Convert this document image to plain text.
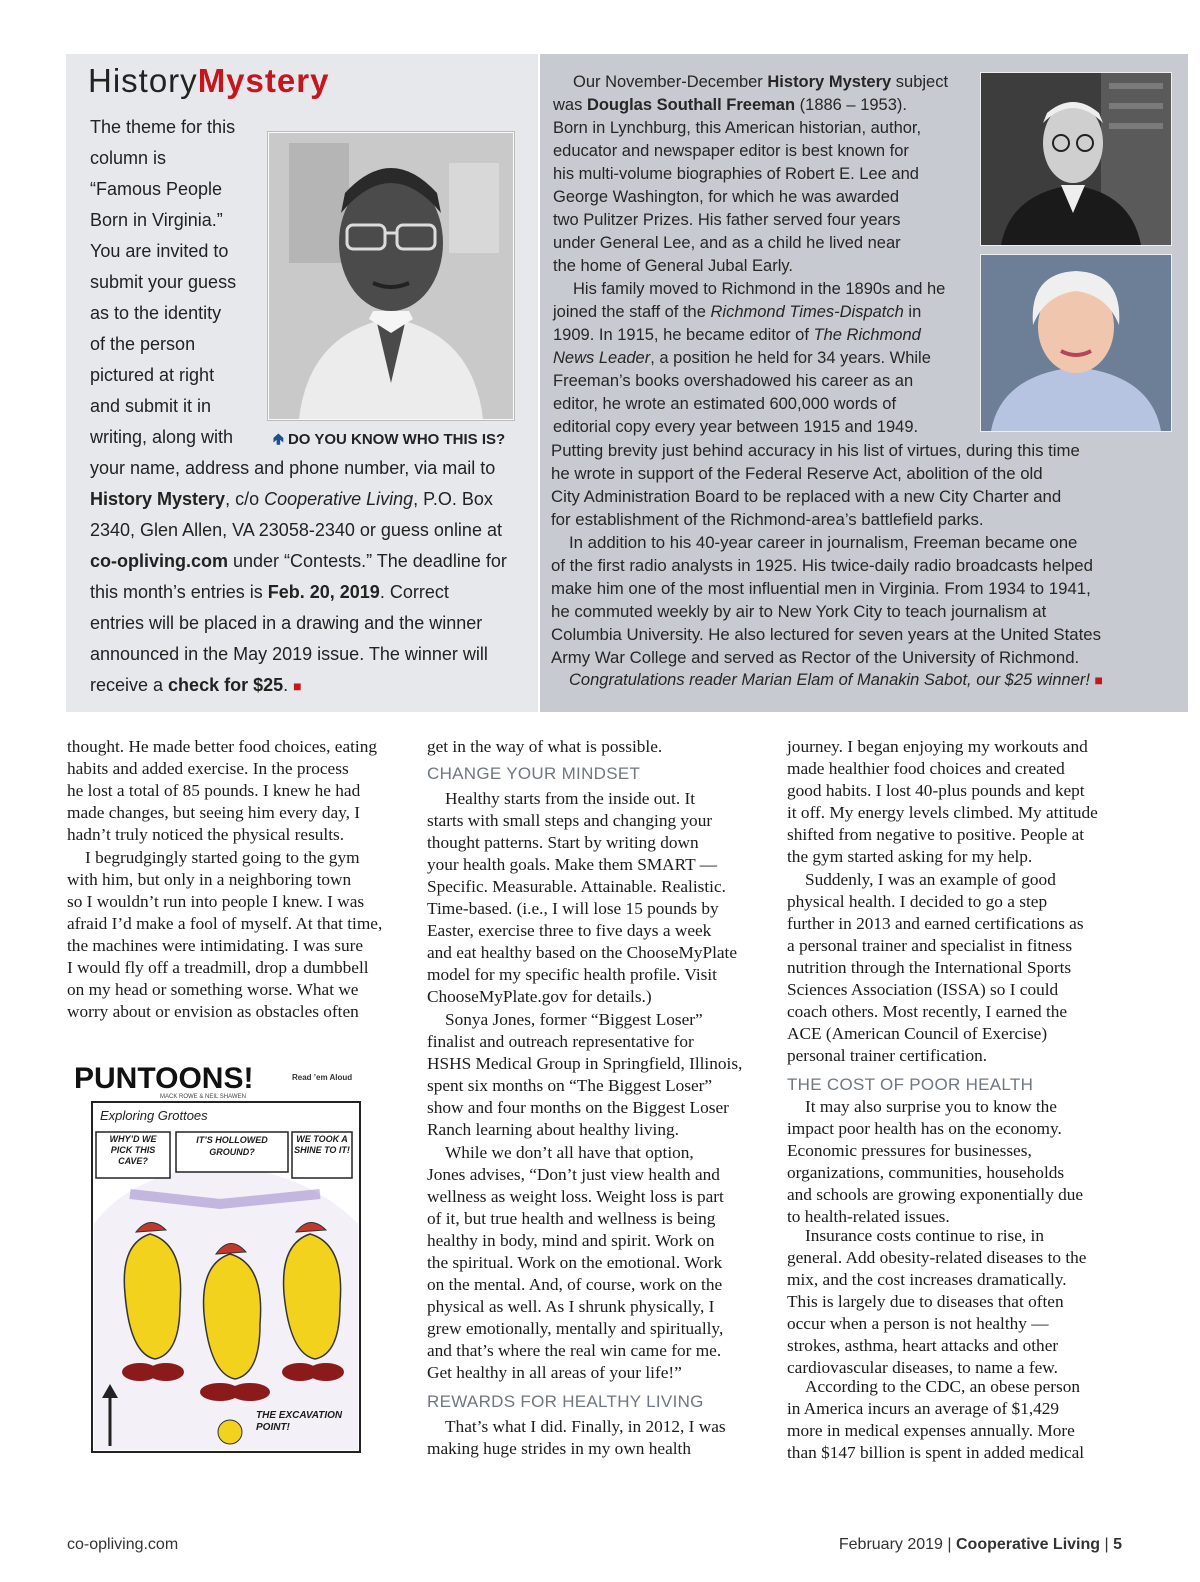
HistoryMystery

The theme for this

column is

“Famous People

Born in Virginia.”

You are invited to

submit your guess

as to the identity

of the person

pictured at right

and submit it in

writing, along with	🢁 DO YOU KNOW WHO THIS IS?

your name, address and phone number, via mail to

History Mystery, c/o Cooperative Living, P.O. Box

2340, Glen Allen, VA 23058-2340 or guess online at

co-opliving.com under “Contests.” The deadline for

this month’s entries is Feb. 20, 2019. Correct

entries will be placed in a drawing and the winner

announced in the May 2019 issue. The winner will

receive a check for $25. ■

Our November-December History Mystery subject

was Douglas Southall Freeman (1886 – 1953).

Born in Lynchburg, this American historian, author,

educator and newspaper editor is best known for

his multi-volume biographies of Robert E. Lee and

George Washington, for which he was awarded

two Pulitzer Prizes. His father served four years

under General Lee, and as a child he lived near

the home of General Jubal Early.

His family moved to Richmond in the 1890s and he

joined the staff of the Richmond Times-Dispatch in

1909. In 1915, he became editor of The Richmond

News Leader, a position he held for 34 years. While

Freeman’s books overshadowed his career as an

editor, he wrote an estimated 600,000 words of

editorial copy every year between 1915 and 1949.

Putting brevity just behind accuracy in his list of virtues, during this time

he wrote in support of the Federal Reserve Act, abolition of the old

City Administration Board to be replaced with a new City Charter and

for establishment of the Richmond-area’s battlefield parks.

In addition to his 40-year career in journalism, Freeman became one

of the first radio analysts in 1925. His twice-daily radio broadcasts helped

make him one of the most influential men in Virginia. From 1934 to 1941,

he commuted weekly by air to New York City to teach journalism at

Columbia University. He also lectured for seven years at the United States

Army War College and served as Rector of the University of Richmond.

Congratulations reader Marian Elam of Manakin Sabot, our $25 winner! ■

thought. He made better food choices, eating

habits and added exercise. In the process

he lost a total of 85 pounds. I knew he had

made changes, but seeing him every day, I

hadn’t truly noticed the physical results.

I begrudgingly started going to the gym

with him, but only in a neighboring town

so I wouldn’t run into people I knew. I was

afraid I’d make a fool of myself. At that time,

the machines were intimidating. I was sure

I would fly off a treadmill, drop a dumbbell

on my head or something worse. What we

worry about or envision as obstacles often

PUNTOONS!	Read ’em Aloud
MACK ROWE & NEIL SHAWEN
Exploring Grottoes
WHY’D WE PICK THIS CAVE?
IT’S HOLLOWED GROUND?
WE TOOK A SHINE TO IT!
THE EXCAVATION POINT!

get in the way of what is possible.

CHANGE YOUR MINDSET

Healthy starts from the inside out. It

starts with small steps and changing your

thought patterns. Start by writing down

your health goals. Make them SMART —

Specific. Measurable. Attainable. Realistic.

Time-based. (i.e., I will lose 15 pounds by

Easter, exercise three to five days a week

and eat healthy based on the ChooseMyPlate

model for my specific health profile. Visit

ChooseMyPlate.gov for details.)

Sonya Jones, former “Biggest Loser”

finalist and outreach representative for

HSHS Medical Group in Springfield, Illinois,

spent six months on “The Biggest Loser”

show and four months on the Biggest Loser

Ranch learning about healthy living.

While we don’t all have that option,

Jones advises, “Don’t just view health and

wellness as weight loss. Weight loss is part

of it, but true health and wellness is being

healthy in body, mind and spirit. Work on

the spiritual. Work on the emotional. Work

on the mental. And, of course, work on the

physical as well. As I shrunk physically, I

grew emotionally, mentally and spiritually,

and that’s where the real win came for me.

Get healthy in all areas of your life!”

REWARDS FOR HEALTHY LIVING

That’s what I did. Finally, in 2012, I was

making huge strides in my own health

journey. I began enjoying my workouts and

made healthier food choices and created

good habits. I lost 40-plus pounds and kept

it off. My energy levels climbed. My attitude

shifted from negative to positive. People at

the gym started asking for my help.

Suddenly, I was an example of good

physical health. I decided to go a step

further in 2013 and earned certifications as

a personal trainer and specialist in fitness

nutrition through the International Sports

Sciences Association (ISSA) so I could

coach others. Most recently, I earned the

ACE (American Council of Exercise)

personal trainer certification.

THE COST OF POOR HEALTH

It may also surprise you to know the

impact poor health has on the economy.

Economic pressures for businesses,

organizations, communities, households

and schools are growing exponentially due

to health-related issues.

Insurance costs continue to rise, in

general. Add obesity-related diseases to the

mix, and the cost increases dramatically.

This is largely due to diseases that often

occur when a person is not healthy —

strokes, asthma, heart attacks and other

cardiovascular diseases, to name a few.

According to the CDC, an obese person

in America incurs an average of $1,429

more in medical expenses annually. More

than $147 billion is spent in added medical

co-opliving.com	February 2019 | Cooperative Living | 5
